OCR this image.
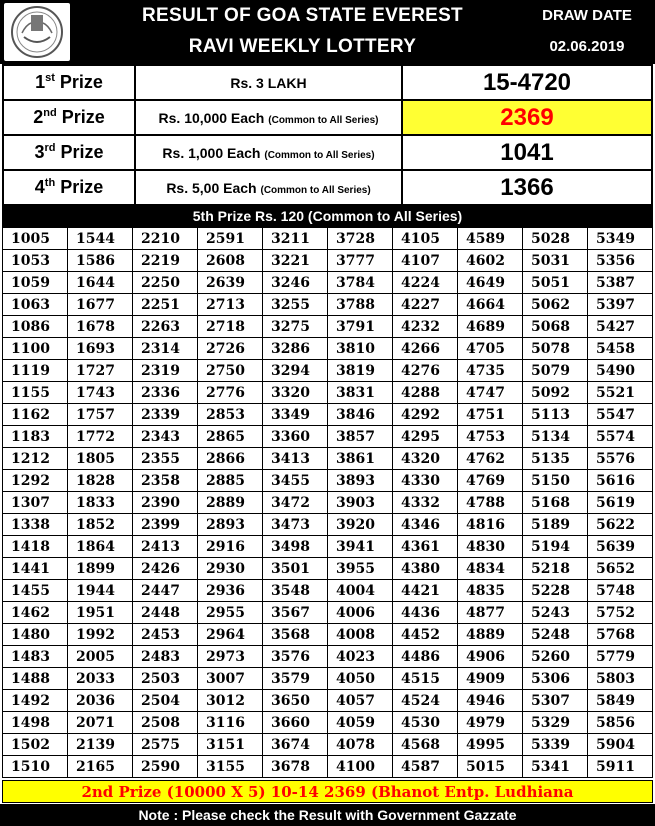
RESULT OF GOA STATE EVEREST
RAVI WEEKLY LOTTERY
DRAW DATE
02.06.2019
1st Prize	Rs. 3 LAKH	15-4720
2nd Prize	Rs. 10,000 Each (Common to All Series)	2369
3rd Prize	Rs. 1,000 Each (Common to All Series)	1041
4th Prize	Rs. 5,00 Each (Common to All Series)	1366
5th Prize Rs. 120 (Common to All Series)
1005	1544	2210	2591	3211	3728	4105	4589	5028	5349
1053	1586	2219	2608	3221	3777	4107	4602	5031	5356
1059	1644	2250	2639	3246	3784	4224	4649	5051	5387
1063	1677	2251	2713	3255	3788	4227	4664	5062	5397
1086	1678	2263	2718	3275	3791	4232	4689	5068	5427
1100	1693	2314	2726	3286	3810	4266	4705	5078	5458
1119	1727	2319	2750	3294	3819	4276	4735	5079	5490
1155	1743	2336	2776	3320	3831	4288	4747	5092	5521
1162	1757	2339	2853	3349	3846	4292	4751	5113	5547
1183	1772	2343	2865	3360	3857	4295	4753	5134	5574
1212	1805	2355	2866	3413	3861	4320	4762	5135	5576
1292	1828	2358	2885	3455	3893	4330	4769	5150	5616
1307	1833	2390	2889	3472	3903	4332	4788	5168	5619
1338	1852	2399	2893	3473	3920	4346	4816	5189	5622
1418	1864	2413	2916	3498	3941	4361	4830	5194	5639
1441	1899	2426	2930	3501	3955	4380	4834	5218	5652
1455	1944	2447	2936	3548	4004	4421	4835	5228	5748
1462	1951	2448	2955	3567	4006	4436	4877	5243	5752
1480	1992	2453	2964	3568	4008	4452	4889	5248	5768
1483	2005	2483	2973	3576	4023	4486	4906	5260	5779
1488	2033	2503	3007	3579	4050	4515	4909	5306	5803
1492	2036	2504	3012	3650	4057	4524	4946	5307	5849
1498	2071	2508	3116	3660	4059	4530	4979	5329	5856
1502	2139	2575	3151	3674	4078	4568	4995	5339	5904
1510	2165	2590	3155	3678	4100	4587	5015	5341	5911
2nd Prize (10000 X 5) 10-14 2369 (Bhanot Entp. Ludhiana
Note : Please check the Result with Government Gazzate
